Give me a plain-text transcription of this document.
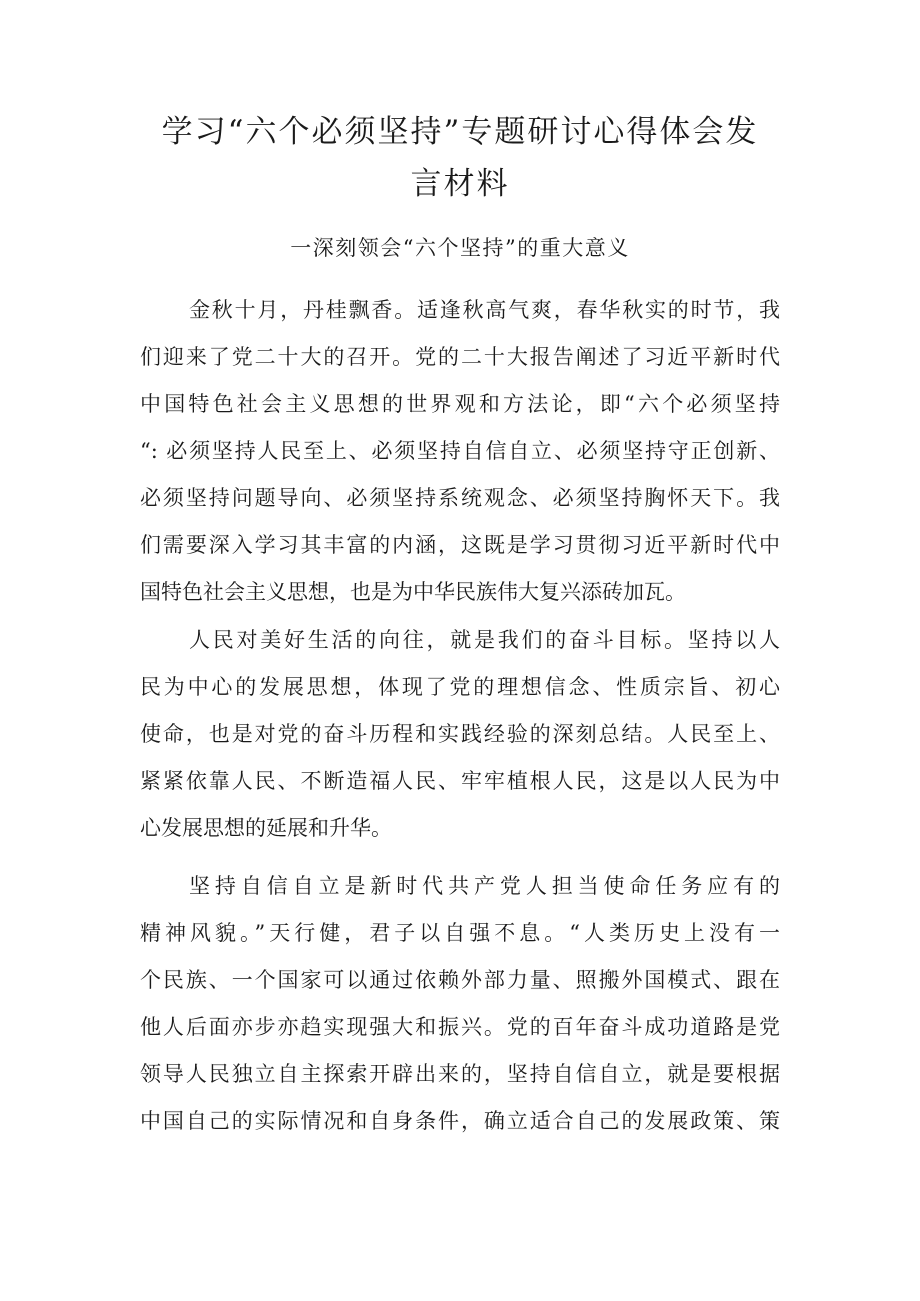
学习“六个必须坚持”专题研讨心得体会发
言材料
一深刻领会“六个坚持”的重大意义

金秋十月，丹桂飘香。适逢秋高气爽，春华秋实的时节，我

们迎来了党二十大的召开。党的二十大报告阐述了习近平新时代

中国特色社会主义思想的世界观和方法论，即“六个必须坚持

“: 必须坚持人民至上、必须坚持自信自立、必须坚持守正创新、

必须坚持问题导向、必须坚持系统观念、必须坚持胸怀天下。我

们需要深入学习其丰富的内涵，这既是学习贯彻习近平新时代中

国特色社会主义思想，也是为中华民族伟大复兴添砖加瓦。

人民对美好生活的向往，就是我们的奋斗目标。坚持以人

民为中心的发展思想，体现了党的理想信念、性质宗旨、初心

使命，也是对党的奋斗历程和实践经验的深刻总结。人民至上、

紧紧依靠人民、不断造福人民、牢牢植根人民，这是以人民为中

心发展思想的延展和升华。

坚持自信自立是新时代共产党人担当使命任务应有的

精神风貌。”天行健，君子以自强不息。“人类历史上没有一

个民族、一个国家可以通过依赖外部力量、照搬外国模式、跟在

他人后面亦步亦趋实现强大和振兴。党的百年奋斗成功道路是党

领导人民独立自主探索开辟出来的，坚持自信自立，就是要根据

中国自己的实际情况和自身条件，确立适合自己的发展政策、策
